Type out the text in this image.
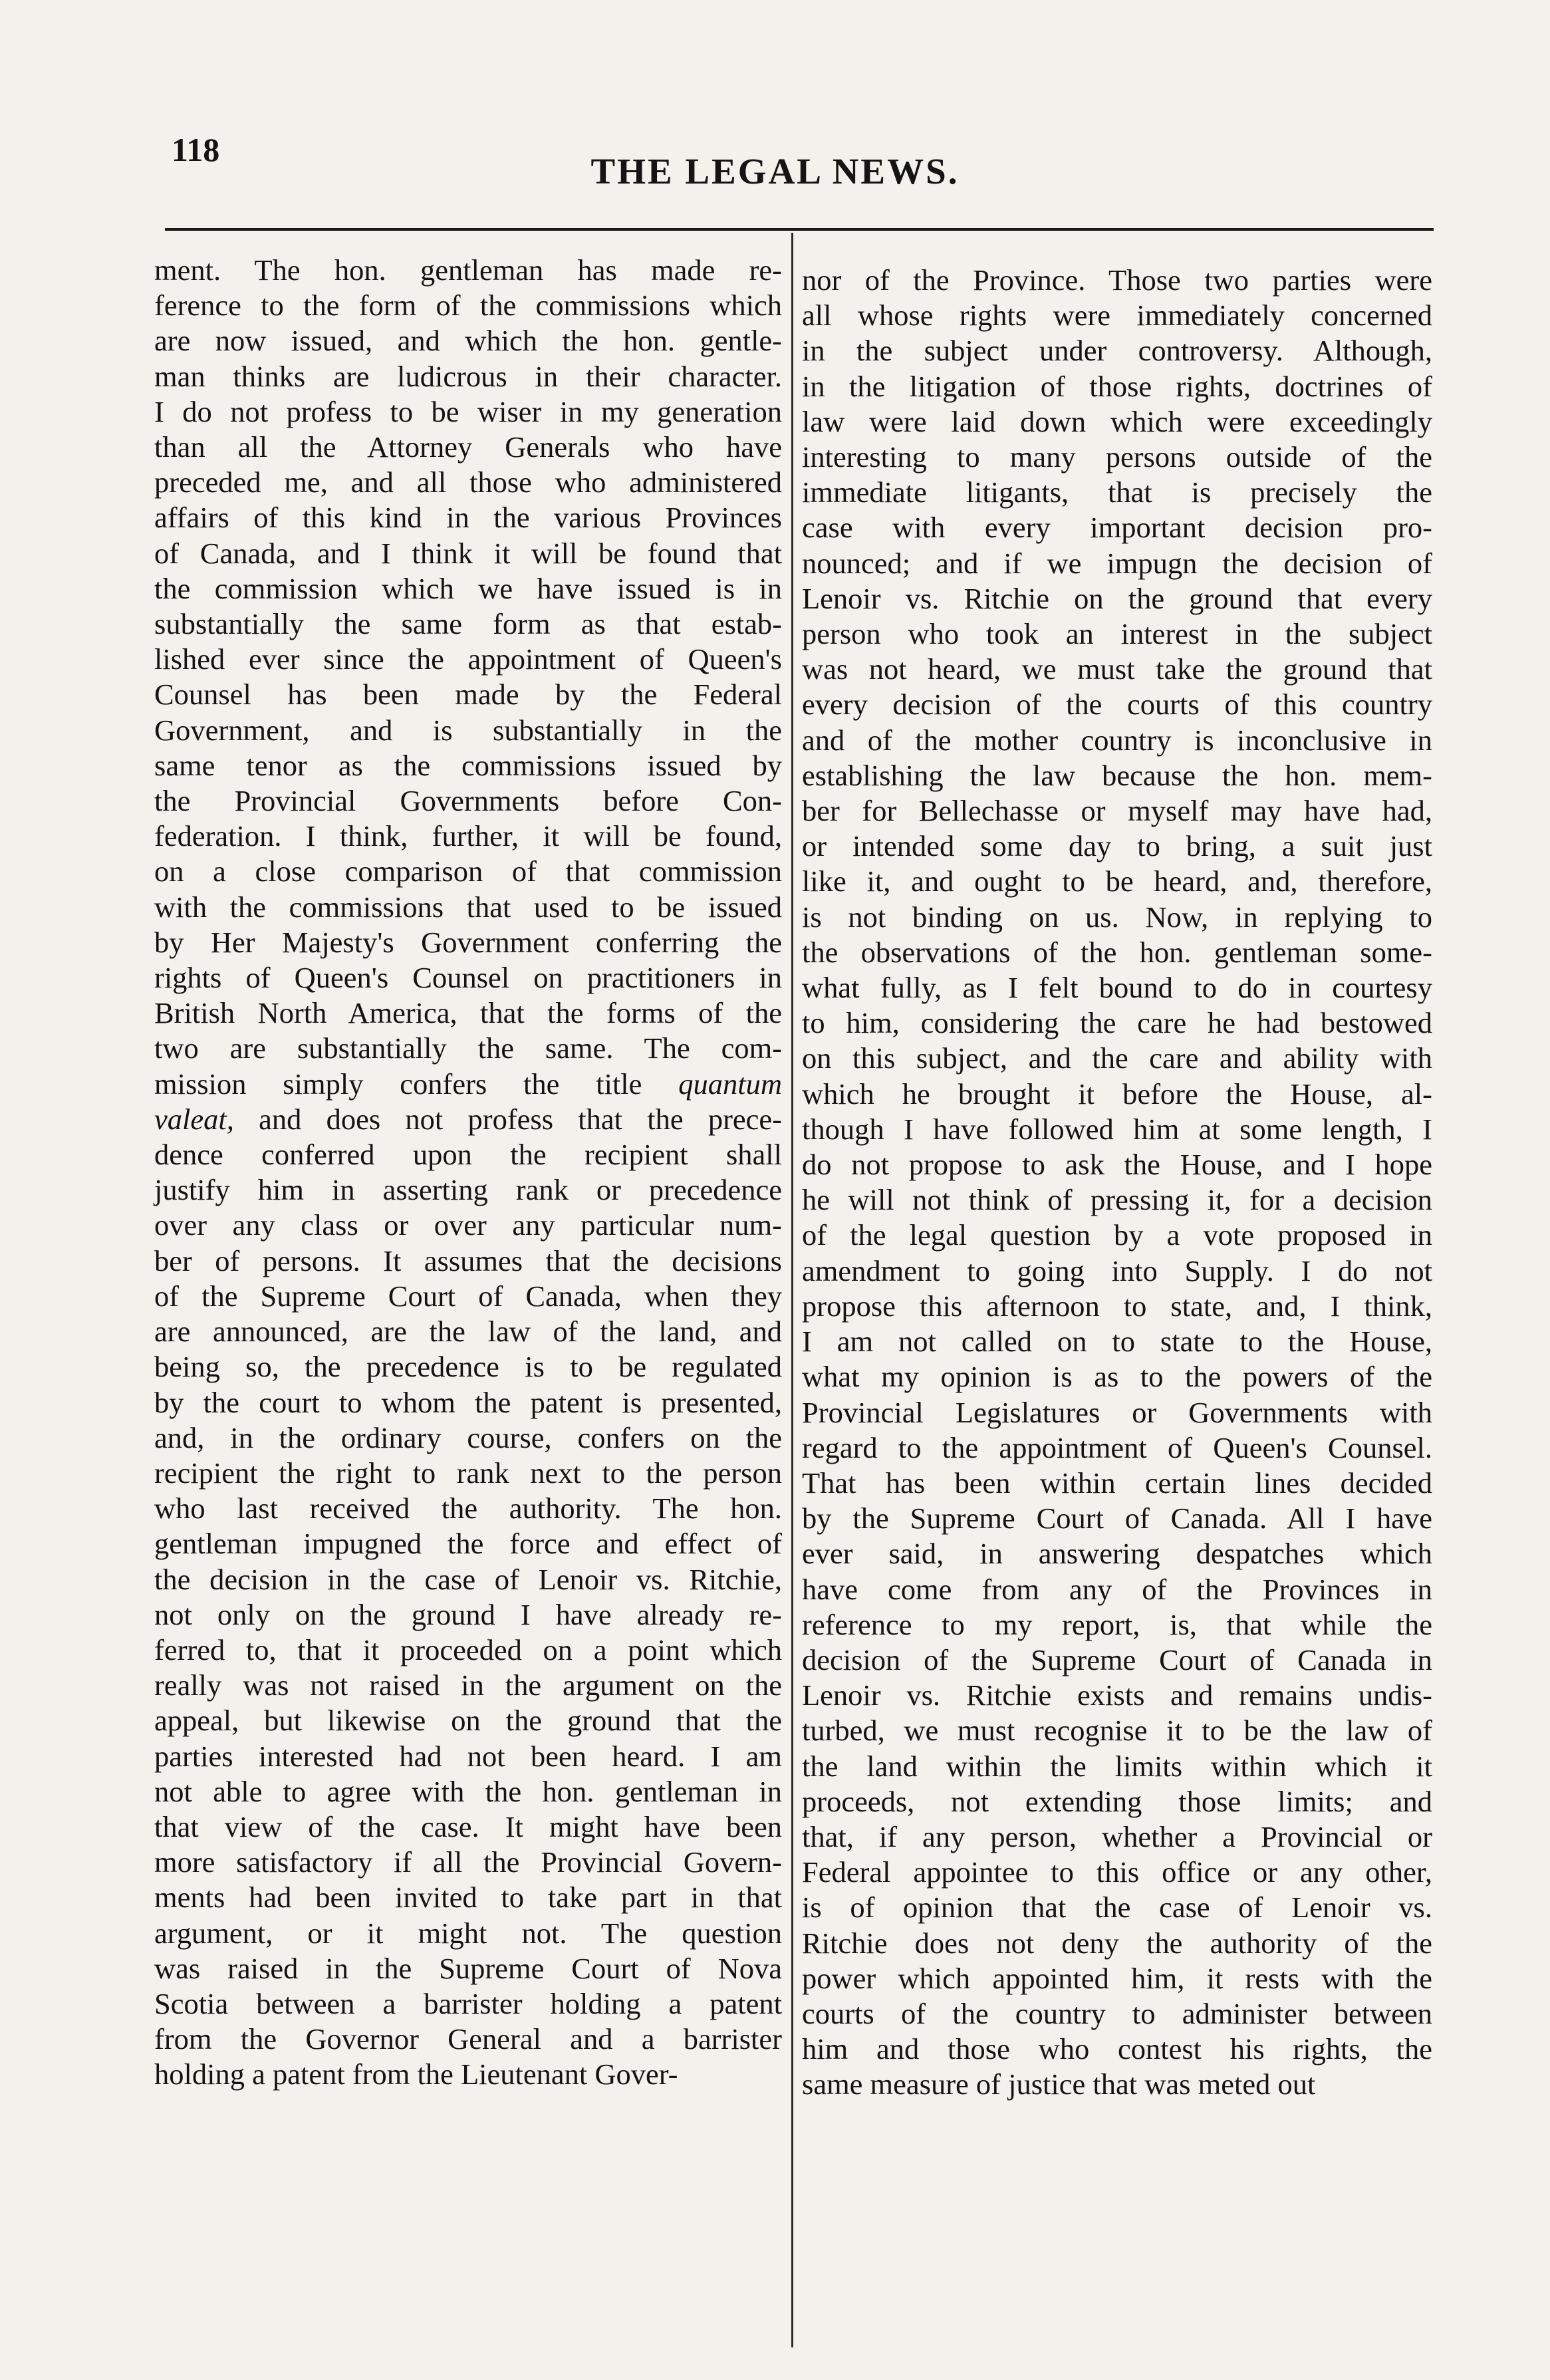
118
THE LEGAL NEWS.
ment. The hon. gentleman has made re-
ference to the form of the commissions which
are now issued, and which the hon. gentle-
man thinks are ludicrous in their character.
I do not profess to be wiser in my generation
than all the Attorney Generals who have
preceded me, and all those who administered
affairs of this kind in the various Provinces
of Canada, and I think it will be found that
the commission which we have issued is in
substantially the same form as that estab-
lished ever since the appointment of Queen's
Counsel has been made by the Federal
Government, and is substantially in the
same tenor as the commissions issued by
the Provincial Governments before Con-
federation. I think, further, it will be found,
on a close comparison of that commission
with the commissions that used to be issued
by Her Majesty's Government conferring the
rights of Queen's Counsel on practitioners in
British North America, that the forms of the
two are substantially the same. The com-
mission simply confers the title quantum
valeat, and does not profess that the prece-
dence conferred upon the recipient shall
justify him in asserting rank or precedence
over any class or over any particular num-
ber of persons. It assumes that the decisions
of the Supreme Court of Canada, when they
are announced, are the law of the land, and
being so, the precedence is to be regulated
by the court to whom the patent is presented,
and, in the ordinary course, confers on the
recipient the right to rank next to the person
who last received the authority. The hon.
gentleman impugned the force and effect of
the decision in the case of Lenoir vs. Ritchie,
not only on the ground I have already re-
ferred to, that it proceeded on a point which
really was not raised in the argument on the
appeal, but likewise on the ground that the
parties interested had not been heard. I am
not able to agree with the hon. gentleman in
that view of the case. It might have been
more satisfactory if all the Provincial Govern-
ments had been invited to take part in that
argument, or it might not. The question
was raised in the Supreme Court of Nova
Scotia between a barrister holding a patent
from the Governor General and a barrister
holding a patent from the Lieutenant Gover-
nor of the Province. Those two parties were
all whose rights were immediately concerned
in the subject under controversy. Although,
in the litigation of those rights, doctrines of
law were laid down which were exceedingly
interesting to many persons outside of the
immediate litigants, that is precisely the
case with every important decision pro-
nounced; and if we impugn the decision of
Lenoir vs. Ritchie on the ground that every
person who took an interest in the subject
was not heard, we must take the ground that
every decision of the courts of this country
and of the mother country is inconclusive in
establishing the law because the hon. mem-
ber for Bellechasse or myself may have had,
or intended some day to bring, a suit just
like it, and ought to be heard, and, therefore,
is not binding on us. Now, in replying to
the observations of the hon. gentleman some-
what fully, as I felt bound to do in courtesy
to him, considering the care he had bestowed
on this subject, and the care and ability with
which he brought it before the House, al-
though I have followed him at some length, I
do not propose to ask the House, and I hope
he will not think of pressing it, for a decision
of the legal question by a vote proposed in
amendment to going into Supply. I do not
propose this afternoon to state, and, I think,
I am not called on to state to the House,
what my opinion is as to the powers of the
Provincial Legislatures or Governments with
regard to the appointment of Queen's Counsel.
That has been within certain lines decided
by the Supreme Court of Canada. All I have
ever said, in answering despatches which
have come from any of the Provinces in
reference to my report, is, that while the
decision of the Supreme Court of Canada in
Lenoir vs. Ritchie exists and remains undis-
turbed, we must recognise it to be the law of
the land within the limits within which it
proceeds, not extending those limits; and
that, if any person, whether a Provincial or
Federal appointee to this office or any other,
is of opinion that the case of Lenoir vs.
Ritchie does not deny the authority of the
power which appointed him, it rests with the
courts of the country to administer between
him and those who contest his rights, the
same measure of justice that was meted out
